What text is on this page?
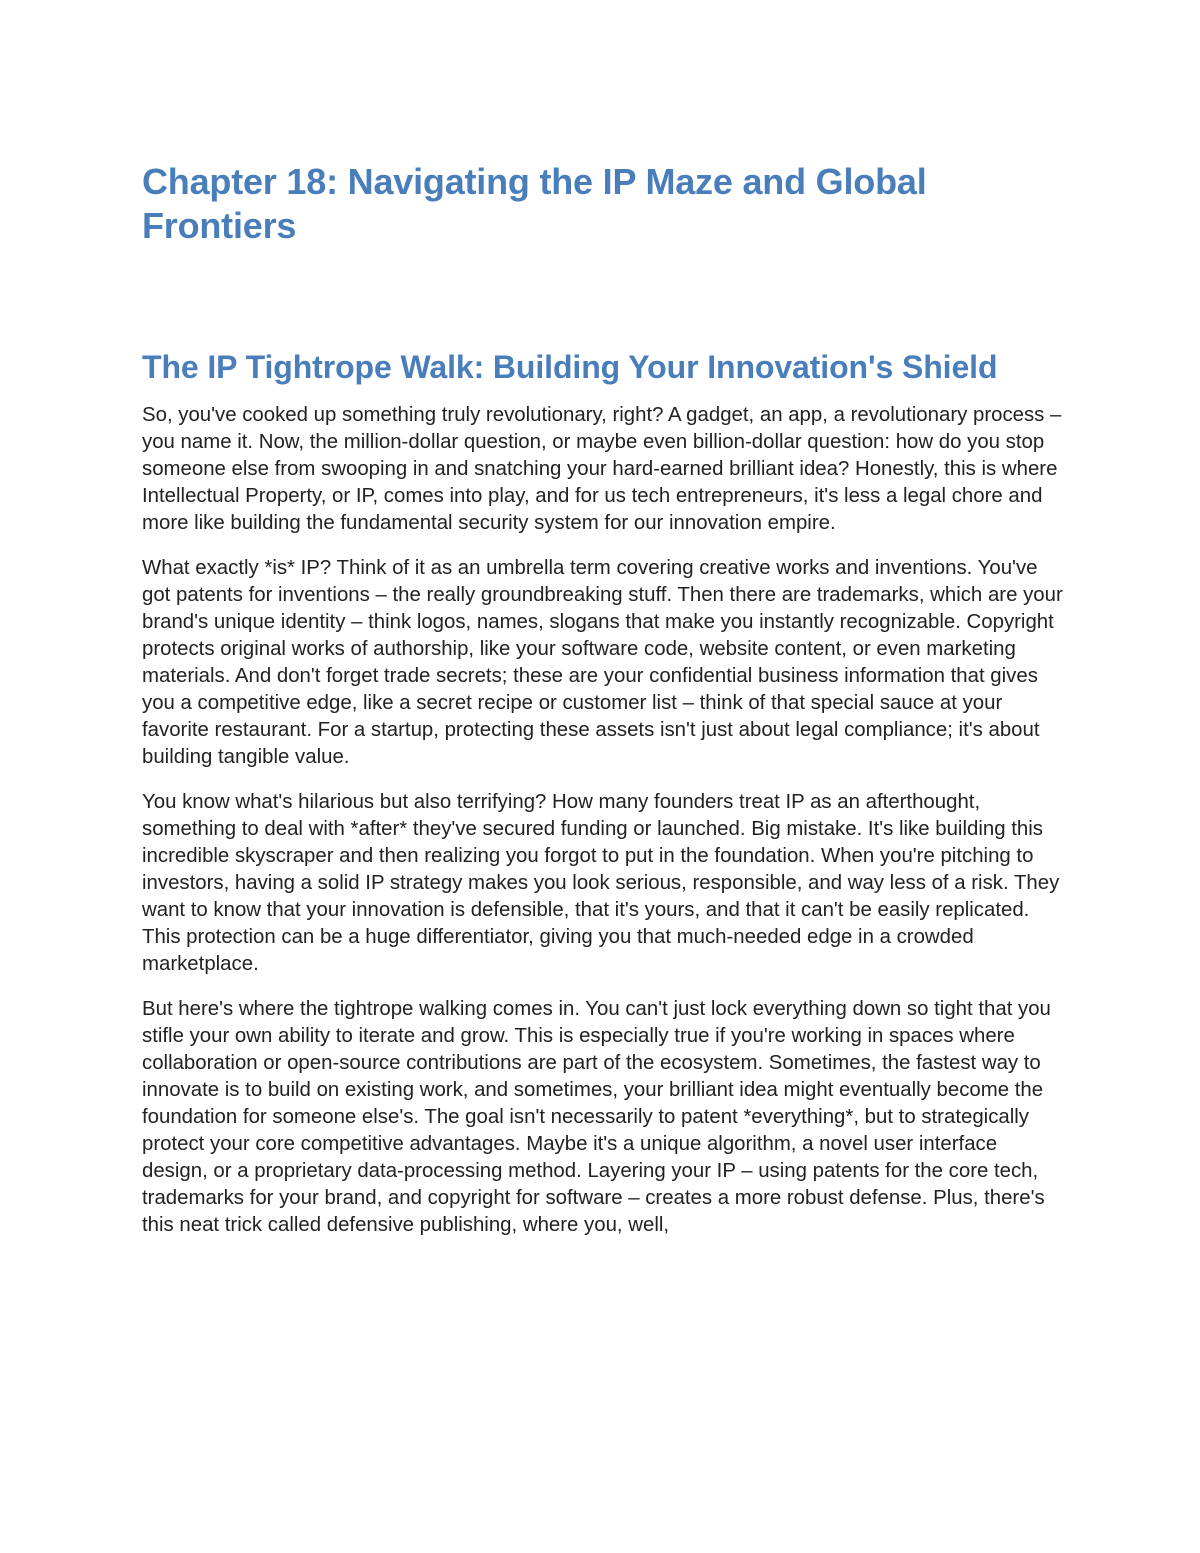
Chapter 18: Navigating the IP Maze and Global Frontiers
The IP Tightrope Walk: Building Your Innovation's Shield

So, you've cooked up something truly revolutionary, right? A gadget, an app, a revolutionary process – you name it. Now, the million-dollar question, or maybe even billion-dollar question: how do you stop someone else from swooping in and snatching your hard-earned brilliant idea? Honestly, this is where Intellectual Property, or IP, comes into play, and for us tech entrepreneurs, it's less a legal chore and more like building the fundamental security system for our innovation empire.

What exactly *is* IP? Think of it as an umbrella term covering creative works and inventions. You've got patents for inventions – the really groundbreaking stuff. Then there are trademarks, which are your brand's unique identity – think logos, names, slogans that make you instantly recognizable. Copyright protects original works of authorship, like your software code, website content, or even marketing materials. And don't forget trade secrets; these are your confidential business information that gives you a competitive edge, like a secret recipe or customer list – think of that special sauce at your favorite restaurant. For a startup, protecting these assets isn't just about legal compliance; it's about building tangible value.

You know what's hilarious but also terrifying? How many founders treat IP as an afterthought, something to deal with *after* they've secured funding or launched. Big mistake. It's like building this incredible skyscraper and then realizing you forgot to put in the foundation. When you're pitching to investors, having a solid IP strategy makes you look serious, responsible, and way less of a risk. They want to know that your innovation is defensible, that it's yours, and that it can't be easily replicated. This protection can be a huge differentiator, giving you that much-needed edge in a crowded marketplace.

But here's where the tightrope walking comes in. You can't just lock everything down so tight that you stifle your own ability to iterate and grow. This is especially true if you're working in spaces where collaboration or open-source contributions are part of the ecosystem. Sometimes, the fastest way to innovate is to build on existing work, and sometimes, your brilliant idea might eventually become the foundation for someone else's. The goal isn't necessarily to patent *everything*, but to strategically protect your core competitive advantages. Maybe it's a unique algorithm, a novel user interface design, or a proprietary data-processing method. Layering your IP – using patents for the core tech, trademarks for your brand, and copyright for software – creates a more robust defense. Plus, there's this neat trick called defensive publishing, where you, well,
